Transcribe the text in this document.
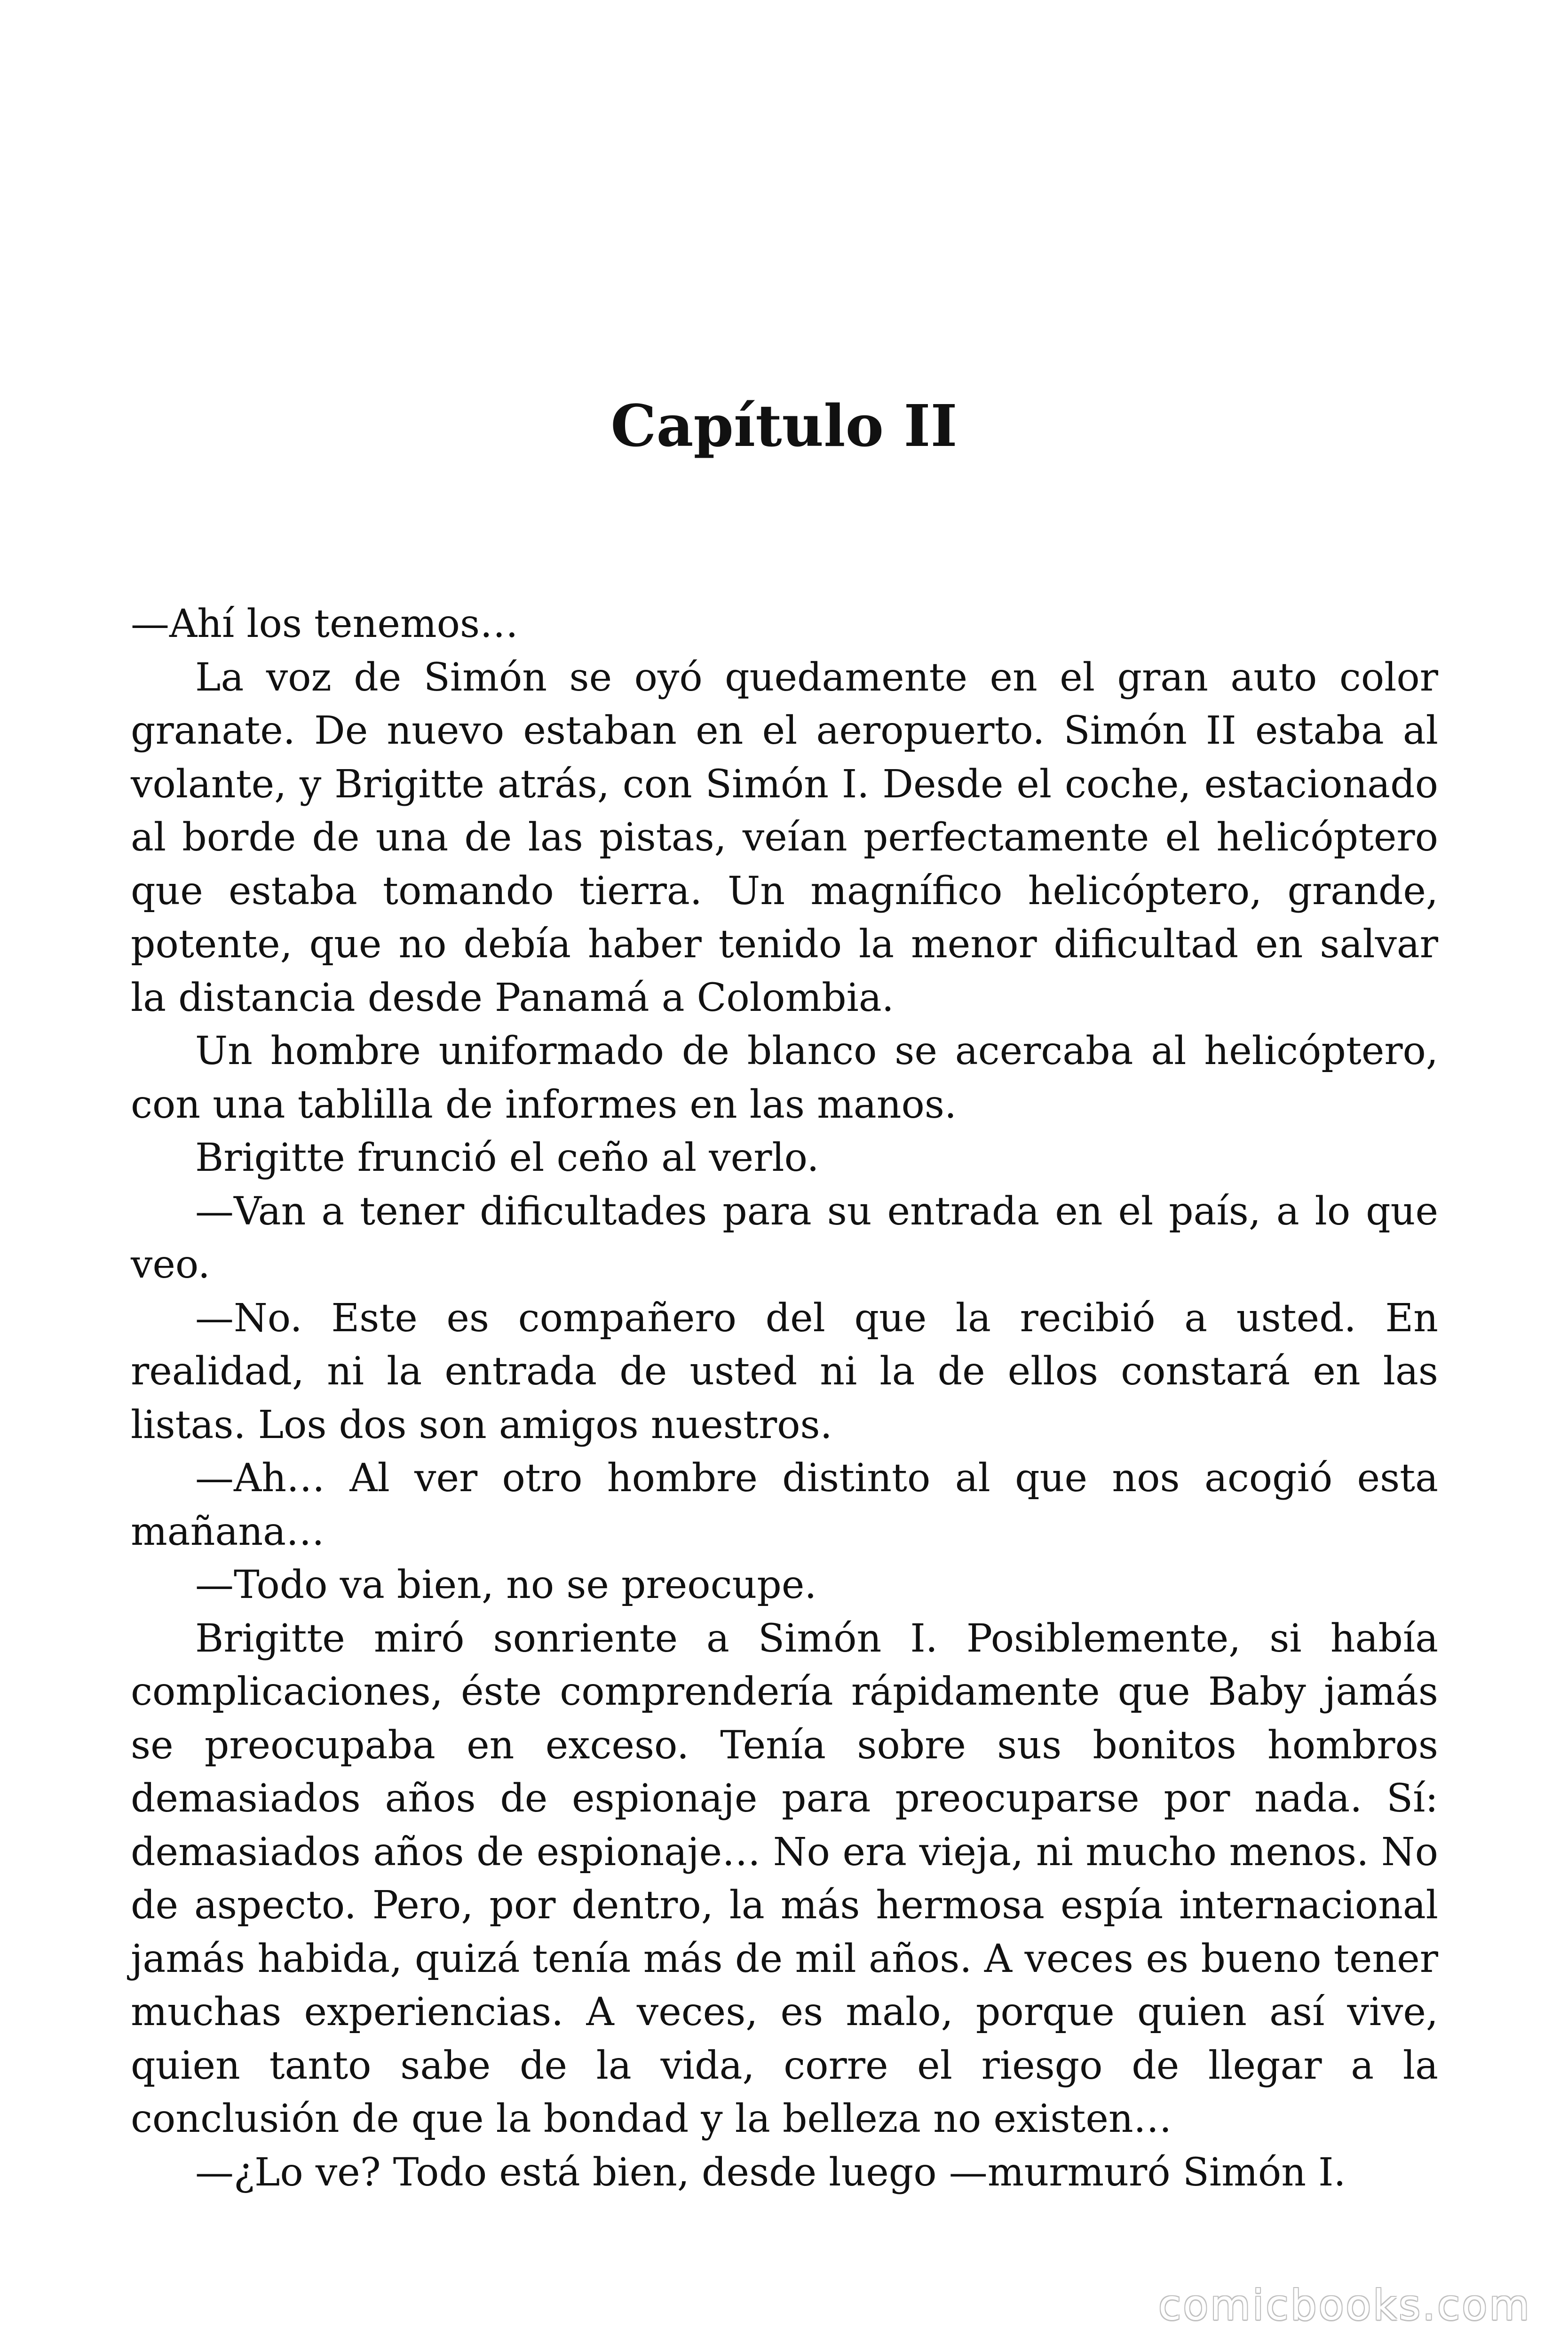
Capítulo II

—Ahí los tenemos…

La voz de Simón se oyó quedamente en el gran auto color granate. De nuevo estaban en el aeropuerto. Simón II estaba al volante, y Brigitte atrás, con Simón I. Desde el coche, estacionado al borde de una de las pistas, veían perfectamente el helicóptero que estaba tomando tierra. Un magnífico helicóptero, grande, potente, que no debía haber tenido la menor dificultad en salvar la distancia desde Panamá a Colombia.

Un hombre uniformado de blanco se acercaba al helicóptero, con una tablilla de informes en las manos.

Brigitte frunció el ceño al verlo.

—Van a tener dificultades para su entrada en el país, a lo que veo.

—No. Este es compañero del que la recibió a usted. En realidad, ni la entrada de usted ni la de ellos constará en las listas. Los dos son amigos nuestros.

—Ah… Al ver otro hombre distinto al que nos acogió esta mañana…

—Todo va bien, no se preocupe.

Brigitte miró sonriente a Simón I. Posiblemente, si había complicaciones, éste comprendería rápidamente que Baby jamás se preocupaba en exceso. Tenía sobre sus bonitos hombros demasiados años de espionaje para preocuparse por nada. Sí: demasiados años de espionaje… No era vieja, ni mucho menos. No de aspecto. Pero, por dentro, la más hermosa espía internacional jamás habida, quizá tenía más de mil años. A veces es bueno tener muchas experiencias. A veces, es malo, porque quien así vive, quien tanto sabe de la vida, corre el riesgo de llegar a la conclusión de que la bondad y la belleza no existen…

—¿Lo ve? Todo está bien, desde luego —murmuró Simón I.

comicbooks.com
